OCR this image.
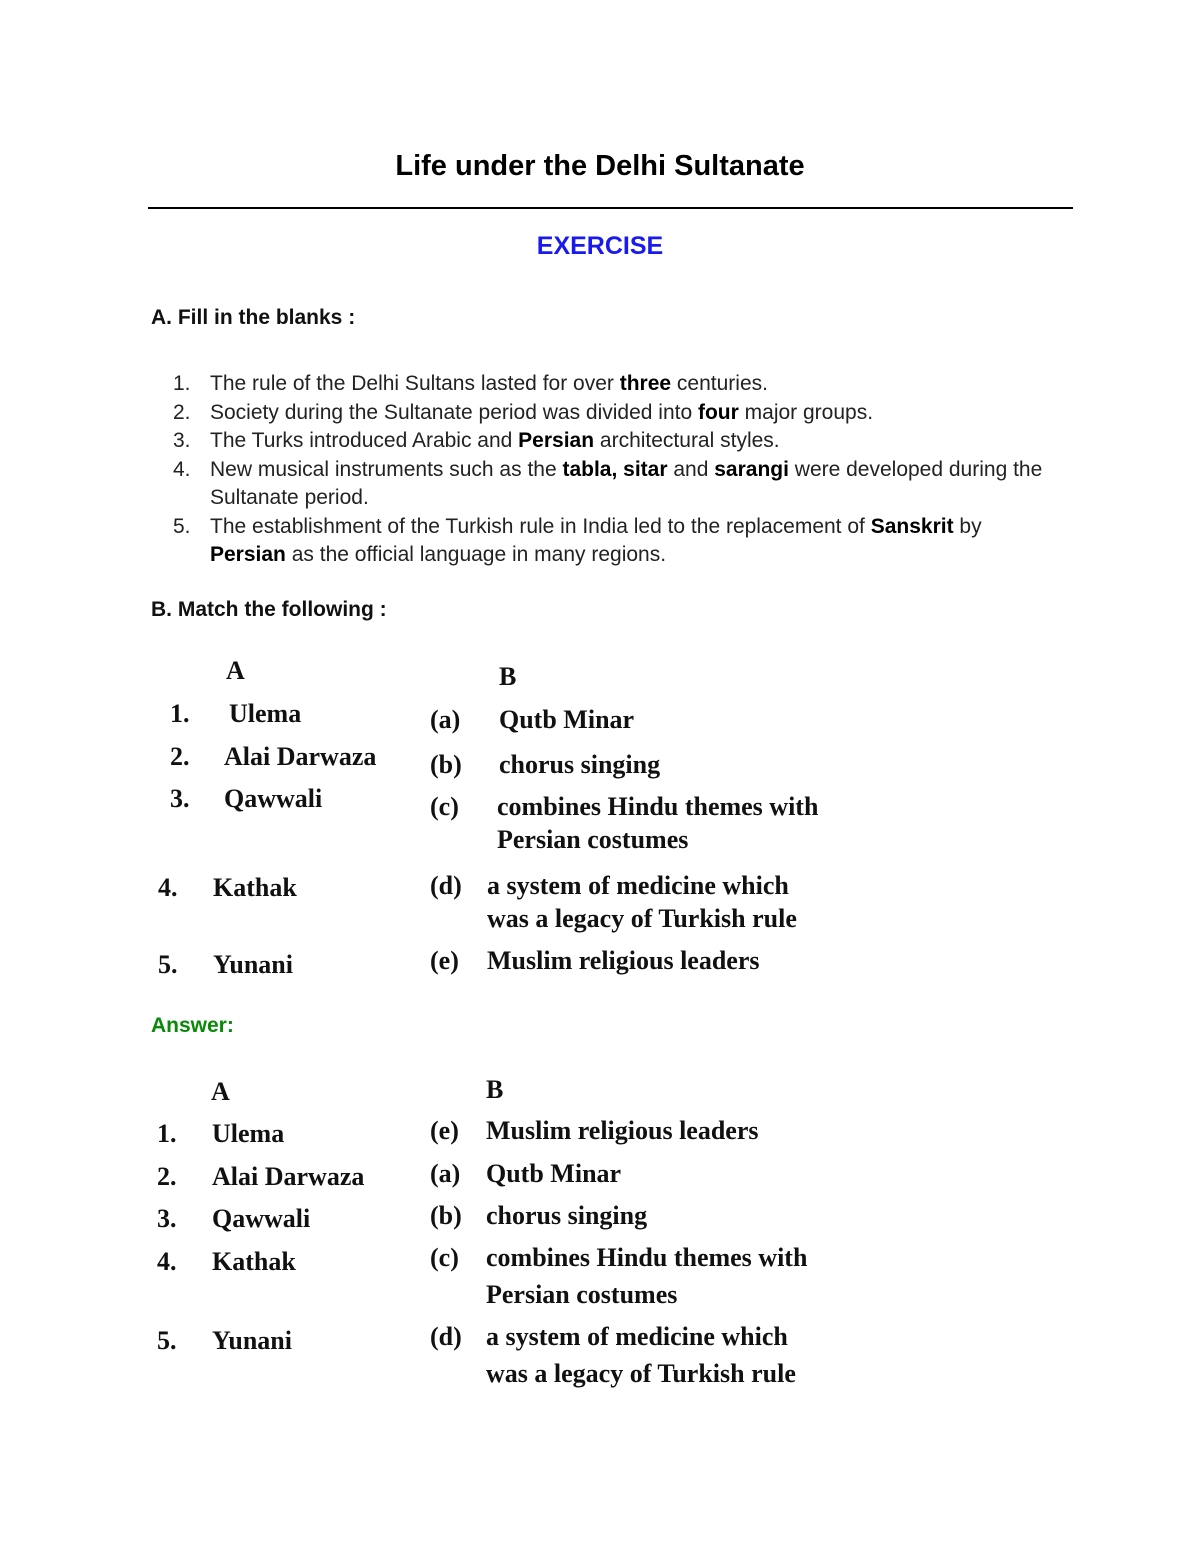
Life under the Delhi Sultanate
EXERCISE
A. Fill in the blanks :
1. The rule of the Delhi Sultans lasted for over three centuries.
2. Society during the Sultanate period was divided into four major groups.
3. The Turks introduced Arabic and Persian architectural styles.
4. New musical instruments such as the tabla, sitar and sarangi were developed during the Sultanate period.
5. The establishment of the Turkish rule in India led to the replacement of Sanskrit by Persian as the official language in many regions.
B. Match the following :
A	B
1. Ulema	(a) Qutb Minar
2. Alai Darwaza (b) chorus singing
3. Qawwali	(c) combines Hindu themes with
Persian costumes
4. Kathak	(d) a system of medicine which
was a legacy of Turkish rule
5. Yunani	(e) Muslim religious leaders
Answer:
A	B
1. Ulema	(e) Muslim religious leaders
2. Alai Darwaza	(a) Qutb Minar
3. Qawwali	(b) chorus singing
4. Kathak	(c) combines Hindu themes with
Persian costumes
5. Yunani	(d) a system of medicine which
was a legacy of Turkish rule
